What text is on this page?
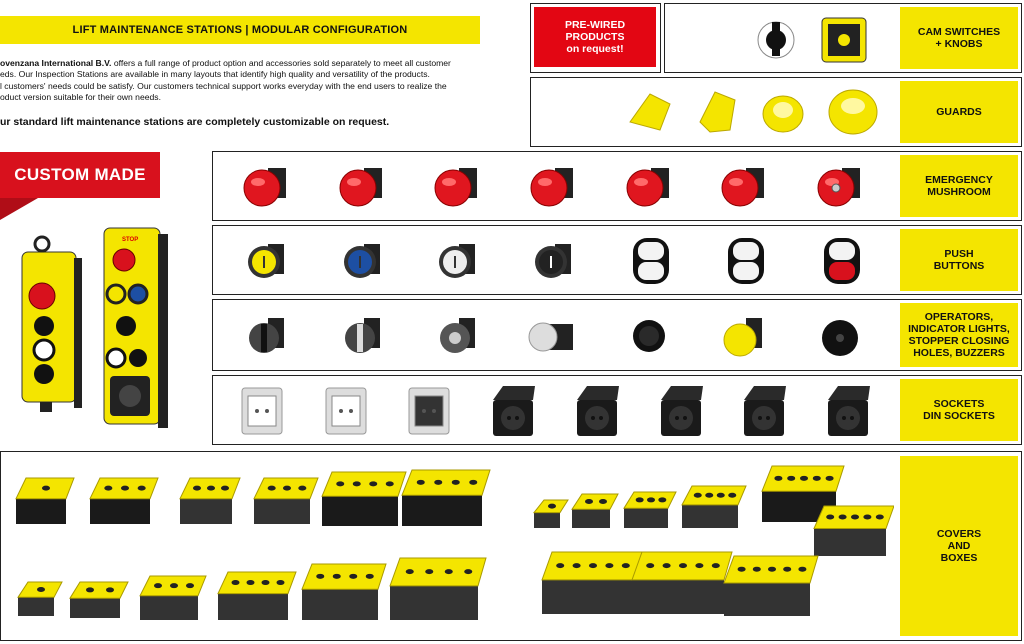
LIFT MAINTENANCE STATIONS | MODULAR CONFIGURATION

ovenzana International B.V. offers a full range of product option and accessories sold separately to meet all customer

eds. Our Inspection Stations are available in many layouts that identify high quality and versatility of the products.

l customers' needs could be satisfy. Our customers technical support works everyday with the end users to realize the

oduct version suitable for their own needs.

ur standard lift maintenance stations are completely customizable on request.
CUSTOM MADE
STOP
PRE-WIRED
PRODUCTS
on request!
CAM SWITCHES
+ KNOBS
GUARDS
EMERGENCY
MUSHROOM
PUSH
BUTTONS
OPERATORS,
INDICATOR LIGHTS,
STOPPER CLOSING
HOLES, BUZZERS
SOCKETS
DIN SOCKETS
COVERS
AND
BOXES
